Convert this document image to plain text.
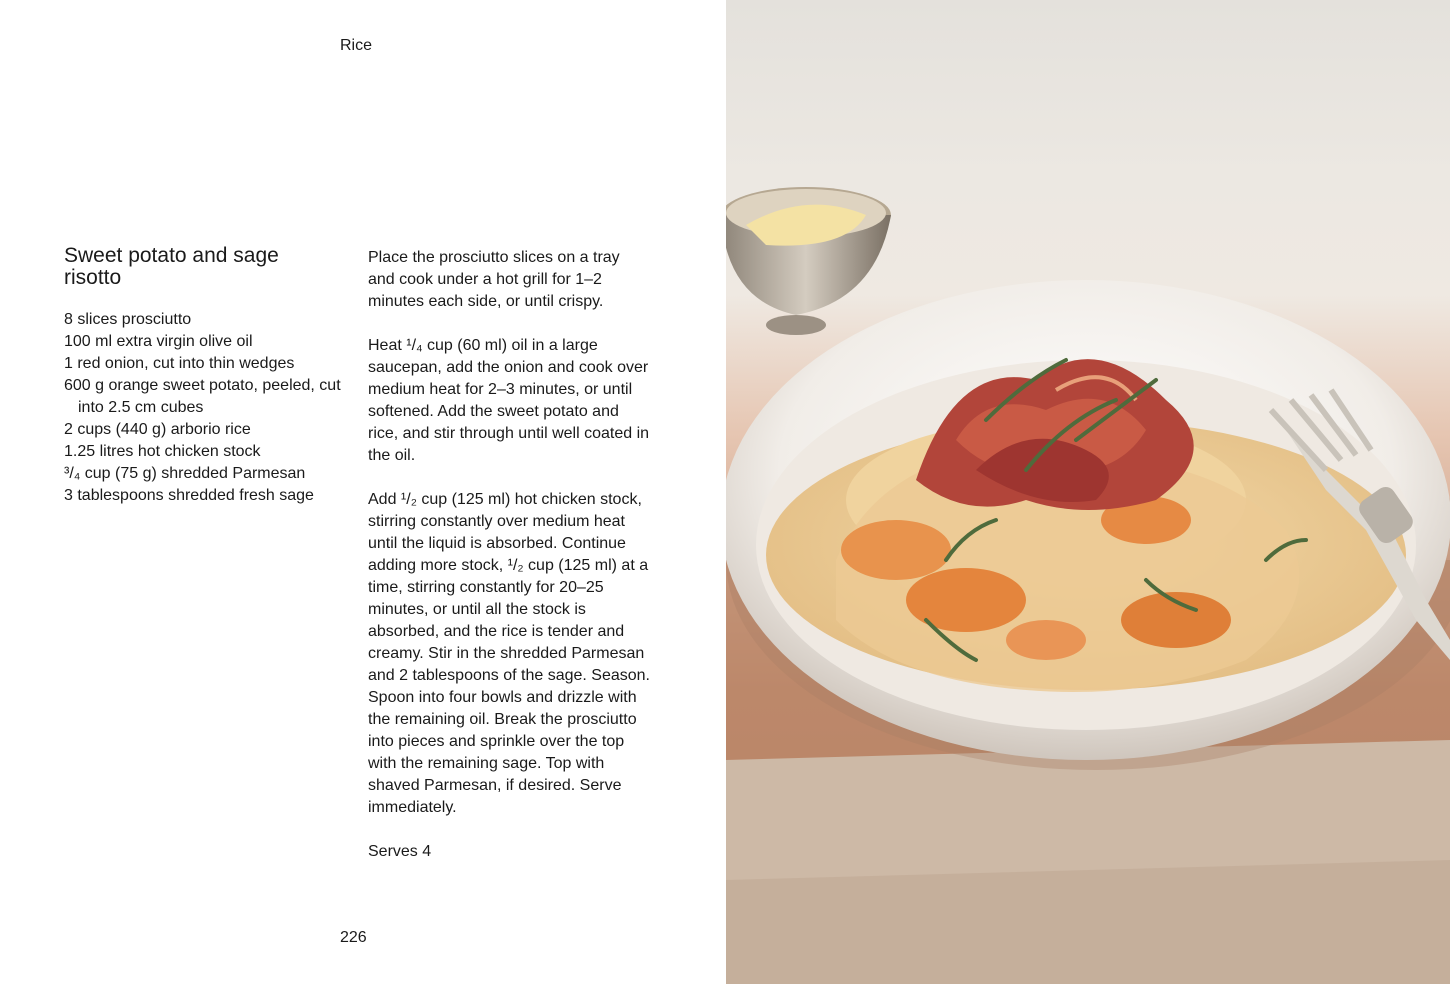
Rice
Sweet potato and sage risotto
8 slices prosciutto
100 ml extra virgin olive oil
1 red onion, cut into thin wedges
600 g orange sweet potato, peeled, cut into 2.5 cm cubes
2 cups (440 g) arborio rice
1.25 litres hot chicken stock
³/₄ cup (75 g) shredded Parmesan
3 tablespoons shredded fresh sage

Place the prosciutto slices on a tray and cook under a hot grill for 1–2 minutes each side, or until crispy.

Heat ¹/₄ cup (60 ml) oil in a large saucepan, add the onion and cook over medium heat for 2–3 minutes, or until softened. Add the sweet potato and rice, and stir through until well coated in the oil.

Add ¹/₂ cup (125 ml) hot chicken stock, stirring constantly over medium heat until the liquid is absorbed. Continue adding more stock, ¹/₂ cup (125 ml) at a time, stirring constantly for 20–25 minutes, or until all the stock is absorbed, and the rice is tender and creamy. Stir in the shredded Parmesan and 2 tablespoons of the sage. Season. Spoon into four bowls and drizzle with the remaining oil. Break the prosciutto into pieces and sprinkle over the top with the remaining sage. Top with shaved Parmesan, if desired. Serve immediately.

Serves 4

226
